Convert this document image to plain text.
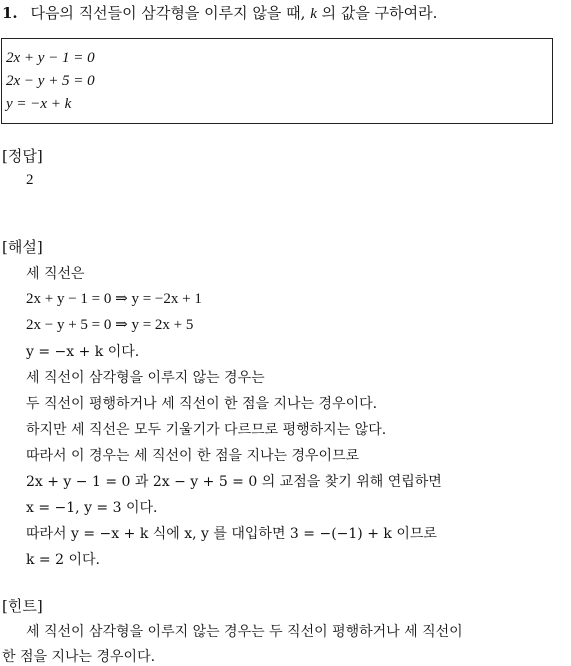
1. 다음의 직선들이 삼각형을 이루지 않을 때, k 의 값을 구하여라.
2x + y − 1 = 0
2x − y + 5 = 0
y = −x + k
[정답]
2
[해설]
세 직선은
2x + y − 1 = 0 ⇒ y = −2x + 1
2x − y + 5 = 0 ⇒ y = 2x + 5
y = −x + k 이다.
세 직선이 삼각형을 이루지 않는 경우는
두 직선이 평행하거나 세 직선이 한 점을 지나는 경우이다.
하지만 세 직선은 모두 기울기가 다르므로 평행하지는 않다.
따라서 이 경우는 세 직선이 한 점을 지나는 경우이므로
2x + y − 1 = 0 과 2x − y + 5 = 0 의 교점을 찾기 위해 연립하면
x = −1, y = 3 이다.
따라서 y = −x + k 식에 x, y 를 대입하면 3 = −(−1) + k 이므로
k = 2 이다.
[힌트]
세 직선이 삼각형을 이루지 않는 경우는 두 직선이 평행하거나 세 직선이
한 점을 지나는 경우이다.
